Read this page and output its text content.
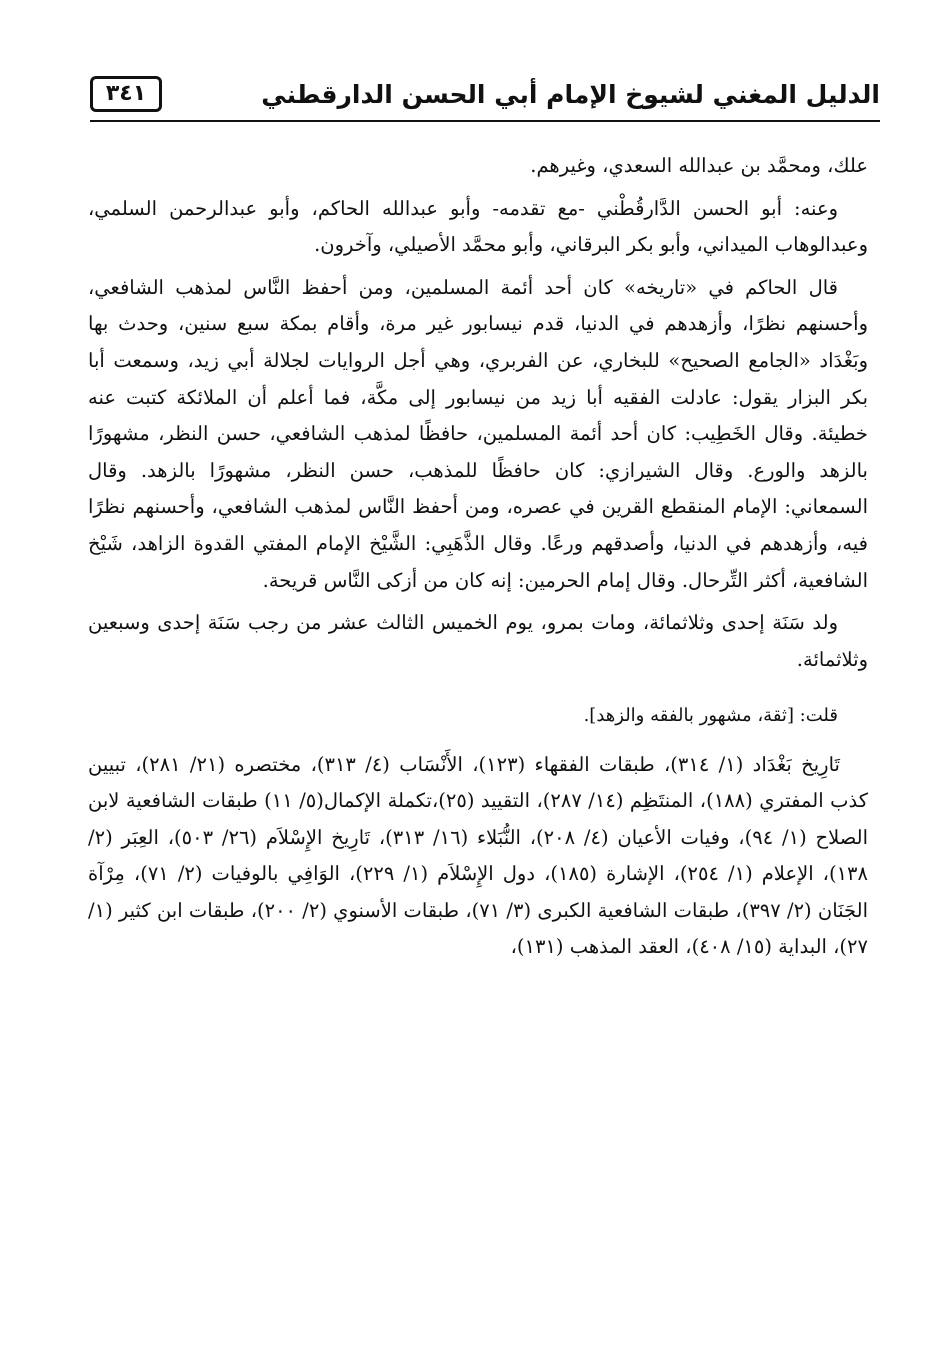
الدليل المغني لشيوخ الإمام أبي الحسن الدارقطني
٣٤١

علك، ومحمَّد بن عبدالله السعدي، وغيرهم.

وعنه: أبو الحسن الدَّارقُطْني -مع تقدمه- وأبو عبدالله الحاكم، وأبو عبدالرحمن السلمي، وعبدالوهاب الميداني، وأبو بكر البرقاني، وأبو محمَّد الأصيلي، وآخرون.

قال الحاكم في «تاريخه» كان أحد أئمة المسلمين، ومن أحفظ النَّاس لمذهب الشافعي، وأحسنهم نظرًا، وأزهدهم في الدنيا، قدم نيسابور غير مرة، وأقام بمكة سبع سنين، وحدث بها وبَغْدَاد «الجامع الصحيح» للبخاري، عن الفربري، وهي أجل الروايات لجلالة أبي زيد، وسمعت أبا بكر البزار يقول: عادلت الفقيه أبا زيد من نيسابور إلى مكَّة، فما أعلم أن الملائكة كتبت عنه خطيئة. وقال الخَطِيب: كان أحد أئمة المسلمين، حافظًا لمذهب الشافعي، حسن النظر، مشهورًا بالزهد والورع. وقال الشيرازي: كان حافظًا للمذهب، حسن النظر، مشهورًا بالزهد. وقال السمعاني: الإمام المنقطع القرين في عصره، ومن أحفظ النَّاس لمذهب الشافعي، وأحسنهم نظرًا فيه، وأزهدهم في الدنيا، وأصدقهم ورعًا. وقال الذَّهَبِي: الشَّيْخ الإمام المفتي القدوة الزاهد، شَيْخ الشافعية، أكثر التِّرحال. وقال إمام الحرمين: إنه كان من أزكى النَّاس قريحة.

ولد سَنَة إحدى وثلاثمائة، ومات بمرو، يوم الخميس الثالث عشر من رجب سَنَة إحدى وسبعين وثلاثمائة.

قلت: [ثقة، مشهور بالفقه والزهد].

تَارِيخ بَغْدَاد (١/ ٣١٤)، طبقات الفقهاء (١٢٣)، الأَنْسَاب (٤/ ٣١٣)، مختصره (٢١/ ٢٨١)، تبيين كذب المفتري (١٨٨)، المنتَظِم (١٤/ ٢٨٧)، التقييد (٢٥)،تكملة الإكمال(٥/ ١١) طبقات الشافعية لابن الصلاح (١/ ٩٤)، وفيات الأعيان (٤/ ٢٠٨)، النُّبَلاء (١٦/ ٣١٣)، تَارِيخ الإِسْلاَم (٢٦/ ٥٠٣)، العِبَر (٢/ ١٣٨)، الإعلام (١/ ٢٥٤)، الإشارة (١٨٥)، دول الإِسْلاَم (١/ ٢٢٩)، الوَافِي بالوفيات (٢/ ٧١)، مِرْآة الجَنَان (٢/ ٣٩٧)، طبقات الشافعية الكبرى (٣/ ٧١)، طبقات الأسنوي (٢/ ٢٠٠)، طبقات ابن كثير (١/ ٢٧)، البداية (١٥/ ٤٠٨)، العقد المذهب (١٣١)،
